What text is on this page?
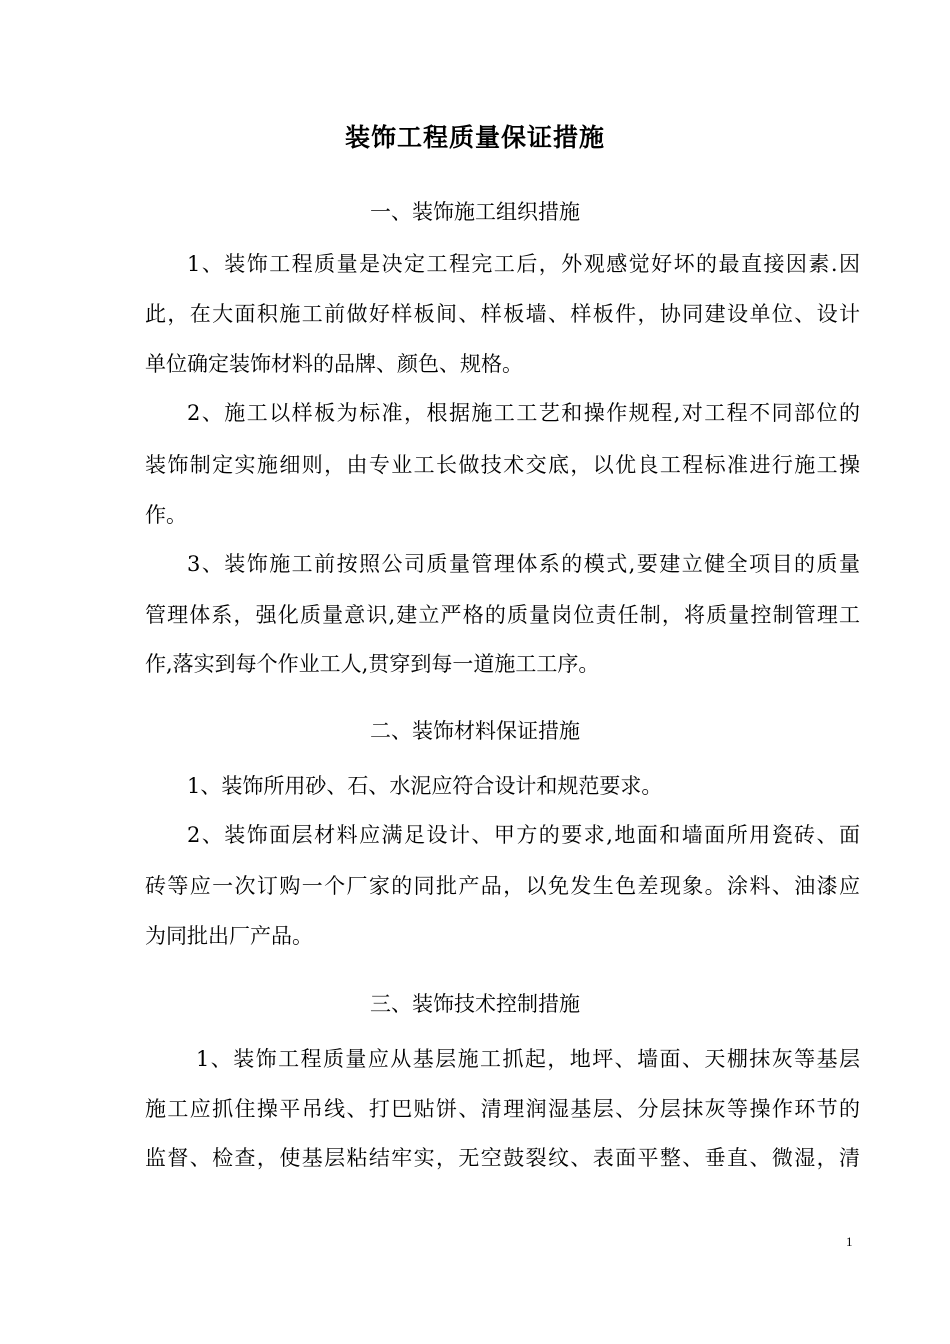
装饰工程质量保证措施
一、装饰施工组织措施
1、装饰工程质量是决定工程完工后，外观感觉好坏的最直接因素.因
此，在大面积施工前做好样板间、样板墙、样板件，协同建设单位、设计
单位确定装饰材料的品牌、颜色、规格。
2、施工以样板为标准，根据施工工艺和操作规程,对工程不同部位的
装饰制定实施细则，由专业工长做技术交底，以优良工程标准进行施工操
作。
3、装饰施工前按照公司质量管理体系的模式,要建立健全项目的质量
管理体系，强化质量意识,建立严格的质量岗位责任制，将质量控制管理工
作,落实到每个作业工人,贯穿到每一道施工工序。
二、装饰材料保证措施
1、装饰所用砂、石、水泥应符合设计和规范要求。
2、装饰面层材料应满足设计、甲方的要求,地面和墙面所用瓷砖、面
砖等应一次订购一个厂家的同批产品，以免发生色差现象。涂料、油漆应
为同批出厂产品。
三、装饰技术控制措施
1、装饰工程质量应从基层施工抓起，地坪、墙面、天棚抹灰等基层
施工应抓住操平吊线、打巴贴饼、清理润湿基层、分层抹灰等操作环节的
监督、检查，使基层粘结牢实，无空鼓裂纹、表面平整、垂直、微湿，清
1
